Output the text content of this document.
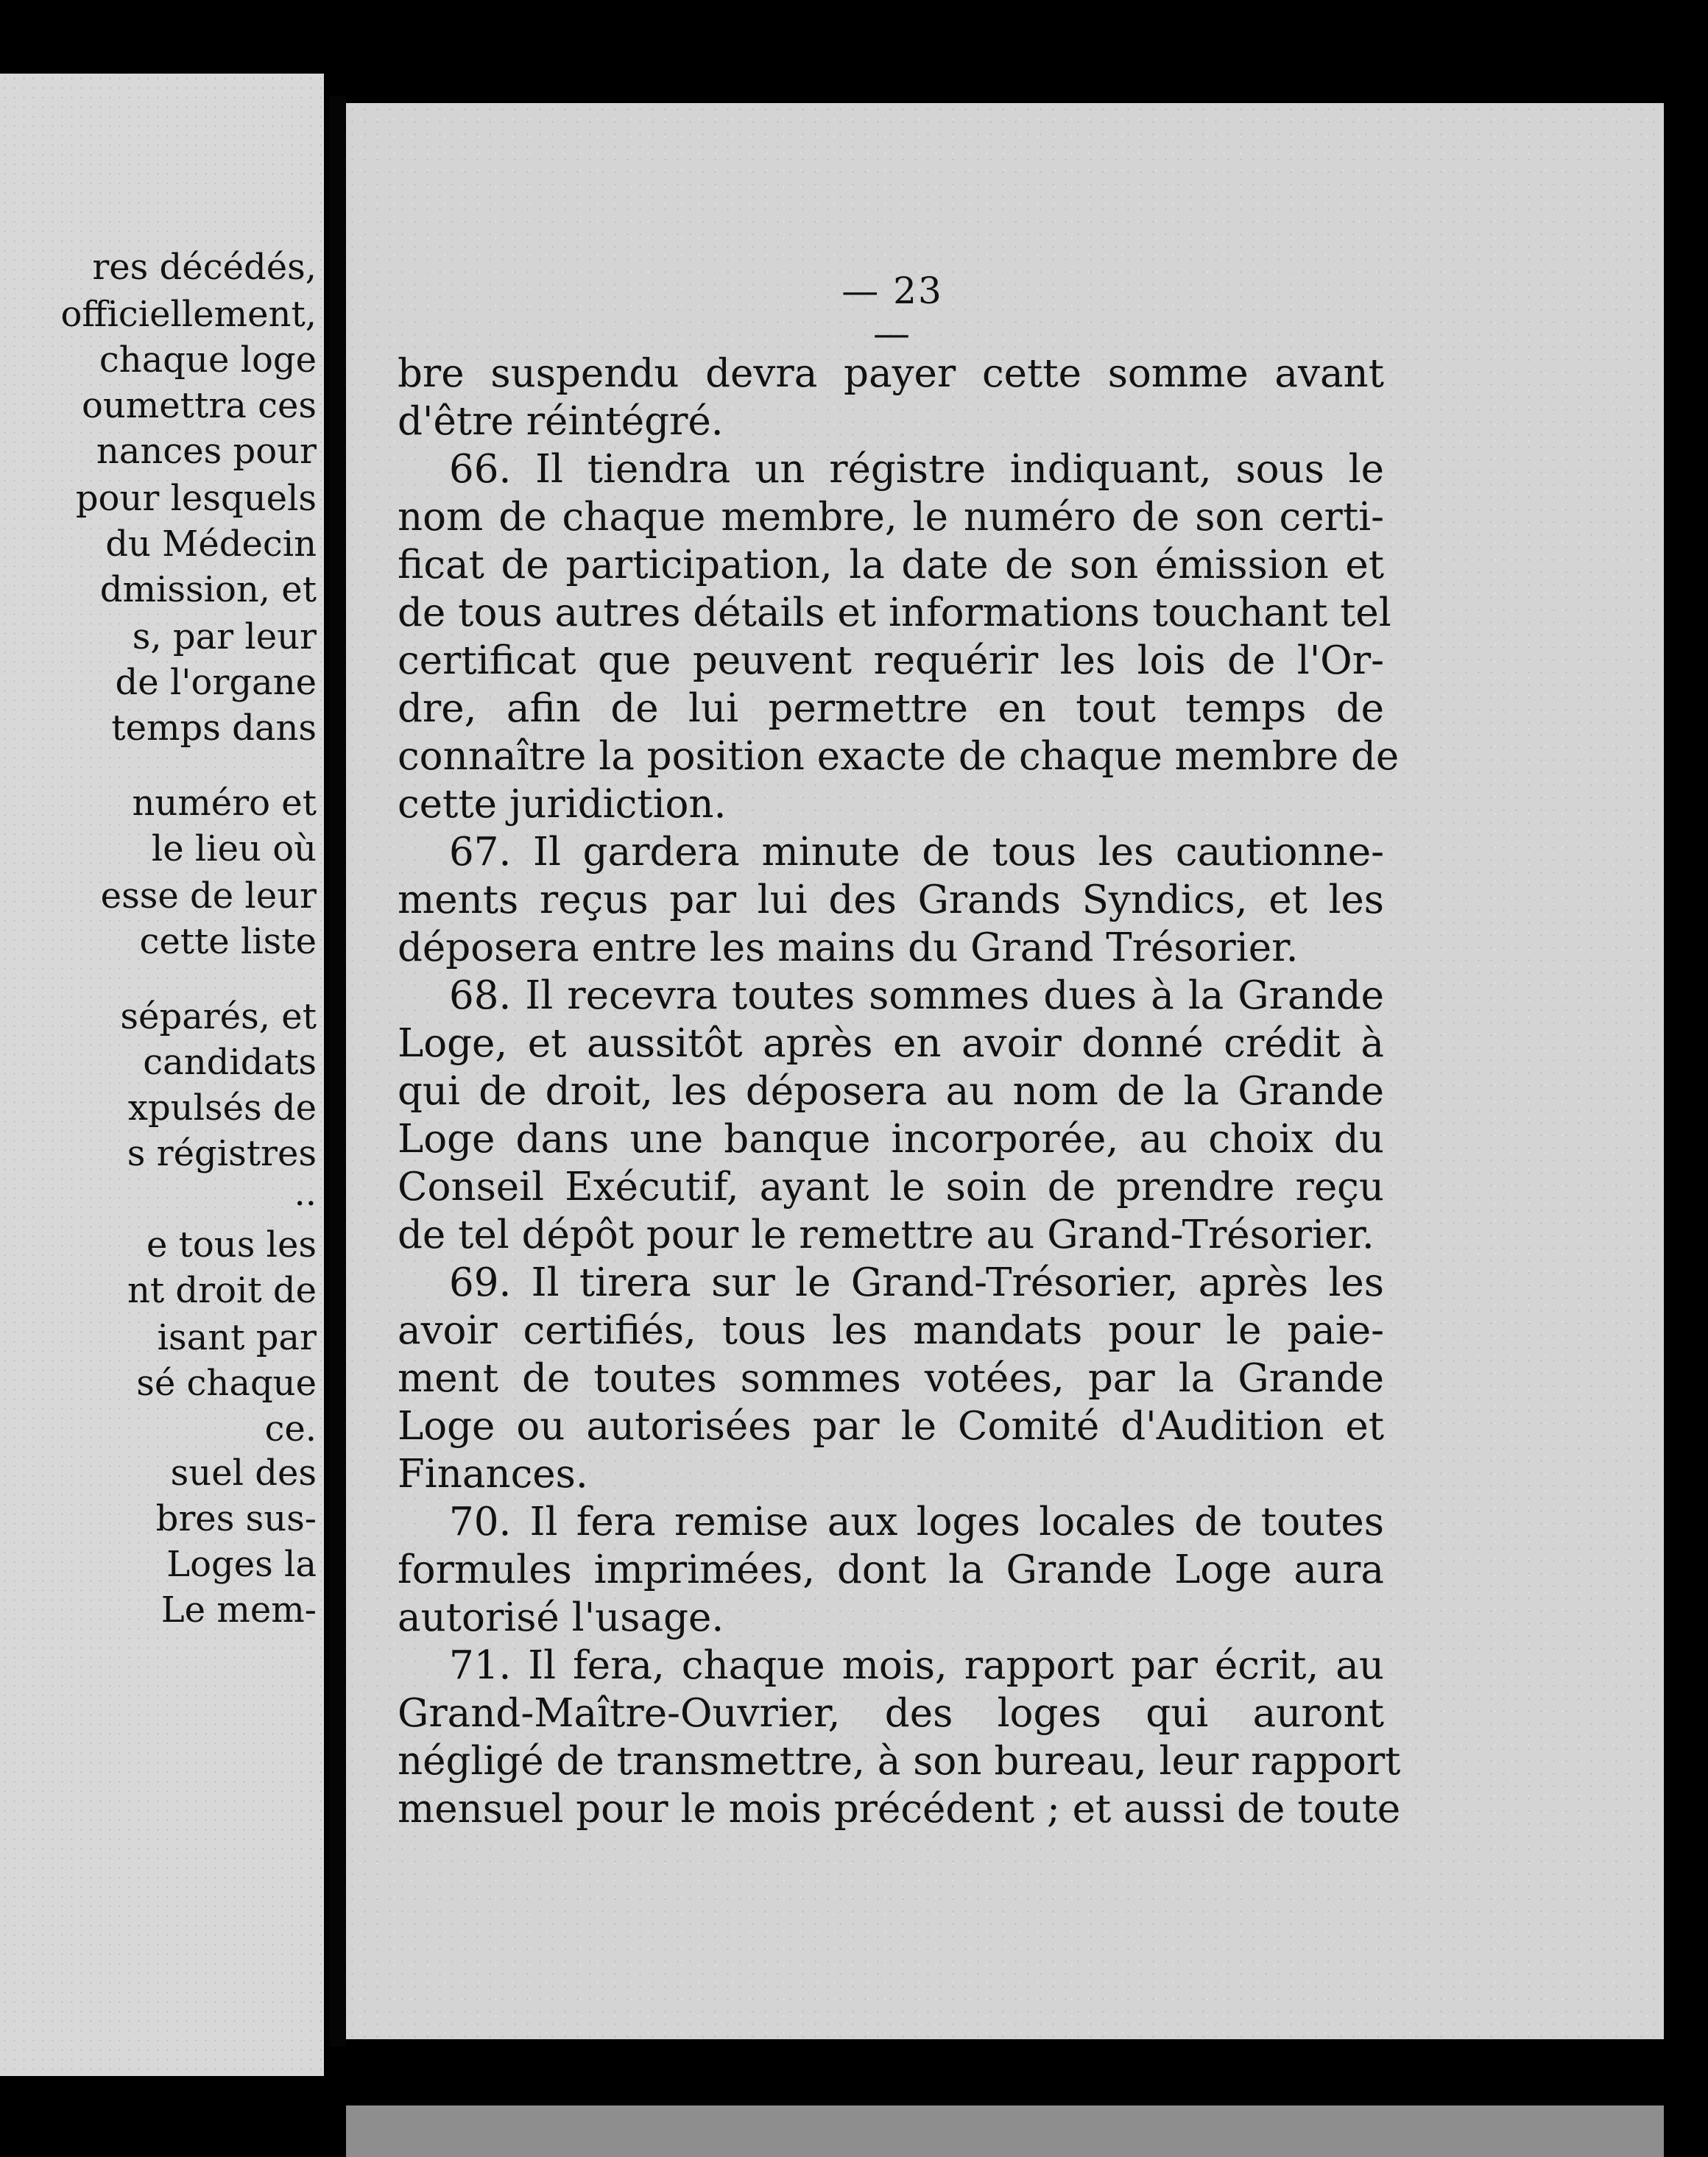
res décédés,
officiellement,
chaque loge
oumettra ces
nances pour
pour lesquels
du Médecin
dmission, et
s, par leur
de l'organe
temps dans
numéro et
le lieu où
esse de leur
cette liste
séparés, et
candidats
xpulsés de
s régistres
..
e tous les
nt droit de
isant par
sé chaque
ce.
suel des
bres sus-
Loges la
Le mem-
— 23 —
bre suspendu devra payer cette somme avant
d'être réintégré.
66. Il tiendra un régistre indiquant, sous le
nom de chaque membre, le numéro de son certi-
ficat de participation, la date de son émission et
de tous autres détails et informations touchant tel
certificat que peuvent requérir les lois de l'Or-
dre, afin de lui permettre en tout temps de
connaître la position exacte de chaque membre de
cette juridiction.
67. Il gardera minute de tous les cautionne-
ments reçus par lui des Grands Syndics, et les
déposera entre les mains du Grand Trésorier.
68. Il recevra toutes sommes dues à la Grande
Loge, et aussitôt après en avoir donné crédit à
qui de droit, les déposera au nom de la Grande
Loge dans une banque incorporée, au choix du
Conseil Exécutif, ayant le soin de prendre reçu
de tel dépôt pour le remettre au Grand-Trésorier.
69. Il tirera sur le Grand-Trésorier, après les
avoir certifiés, tous les mandats pour le paie-
ment de toutes sommes votées, par la Grande
Loge ou autorisées par le Comité d'Audition et
Finances.
70. Il fera remise aux loges locales de toutes
formules imprimées, dont la Grande Loge aura
autorisé l'usage.
71. Il fera, chaque mois, rapport par écrit, au
Grand-Maître-Ouvrier, des loges qui auront
négligé de transmettre, à son bureau, leur rapport
mensuel pour le mois précédent ; et aussi de toute
